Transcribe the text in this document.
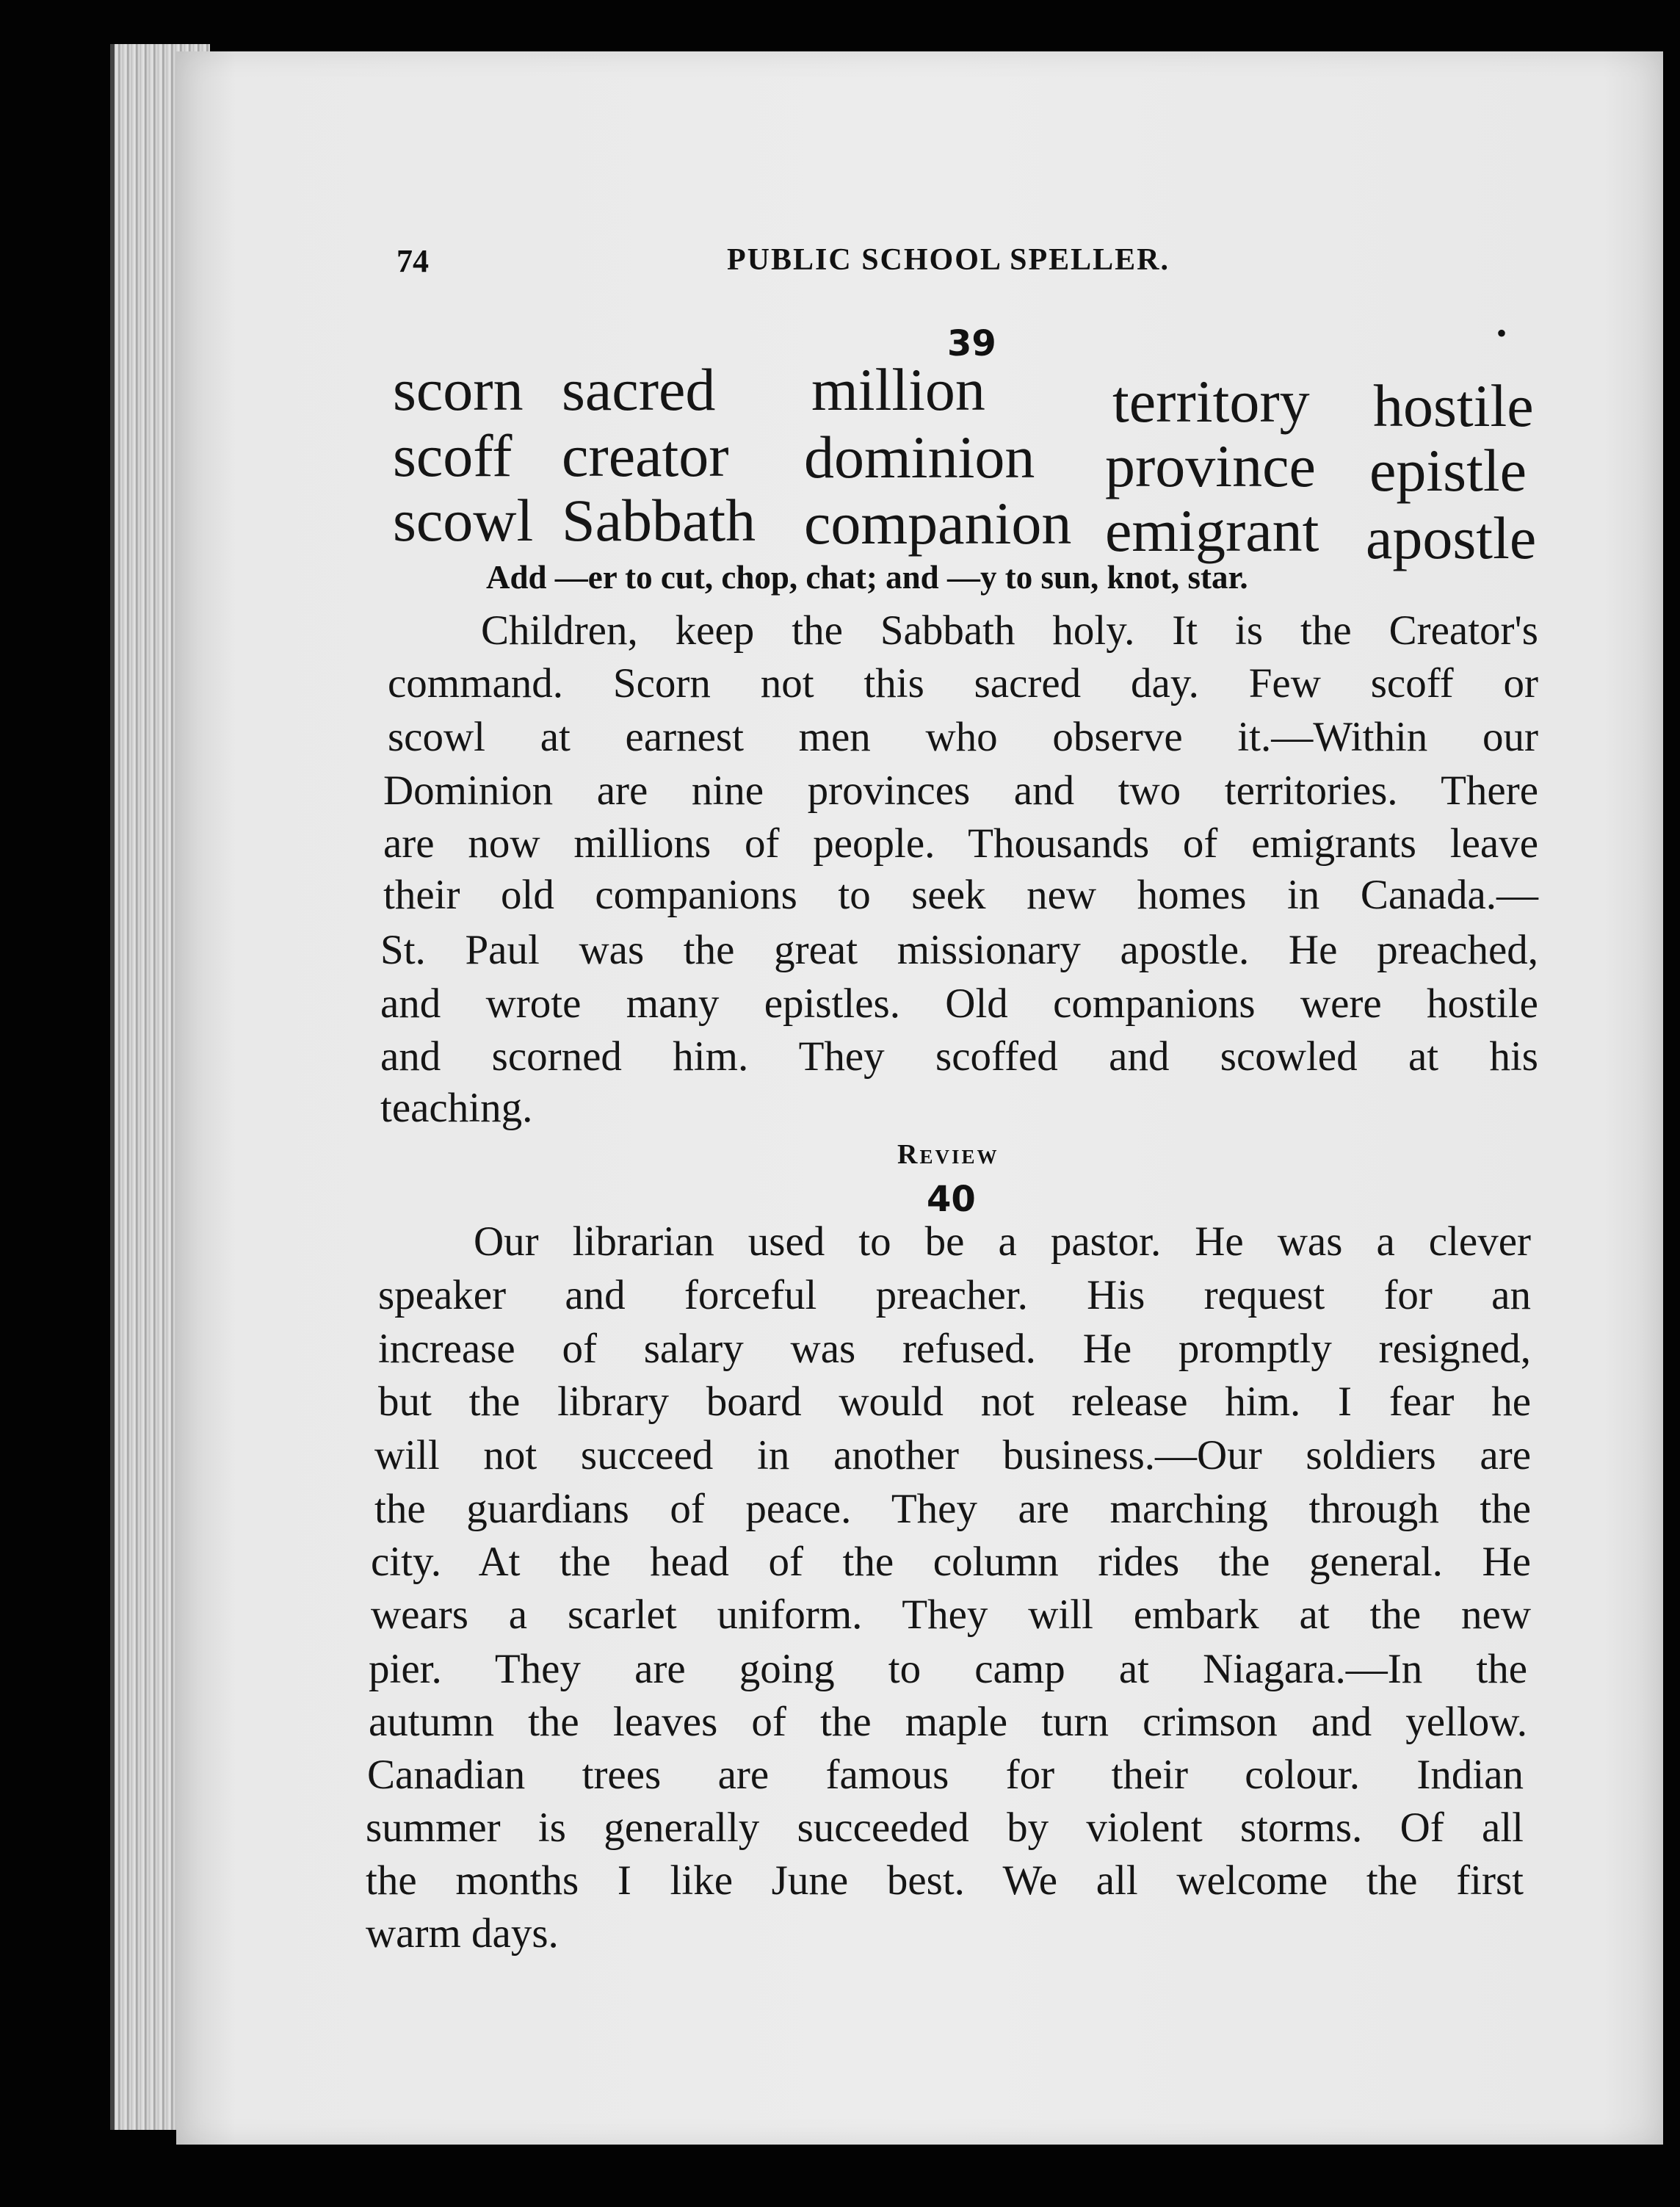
74	PUBLIC SCHOOL SPELLER.
39	•
scorn
scoff
scowl
sacred
creator
Sabbath
million
dominion
companion
territory
province
emigrant
hostile
epistle
apostle
Add —er to cut, chop, chat; and —y to sun, knot, star.
Children, keep the Sabbath holy. It is the Creator's
command. Scorn not this sacred day. Few scoff or
scowl at earnest men who observe it.—Within our
Dominion are nine provinces and two territories. There
are now millions of people. Thousands of emigrants leave
their old companions to seek new homes in Canada.—
St. Paul was the great missionary apostle. He preached,
and wrote many epistles. Old companions were hostile
and scorned him. They scoffed and scowled at his
teaching.
Review
40
Our librarian used to be a pastor. He was a clever
speaker and forceful preacher. His request for an
increase of salary was refused. He promptly resigned,
but the library board would not release him. I fear he
will not succeed in another business.—Our soldiers are
the guardians of peace. They are marching through the
city. At the head of the column rides the general. He
wears a scarlet uniform. They will embark at the new
pier. They are going to camp at Niagara.—In the
autumn the leaves of the maple turn crimson and yellow.
Canadian trees are famous for their colour. Indian
summer is generally succeeded by violent storms. Of all
the months I like June best. We all welcome the first
warm days.
